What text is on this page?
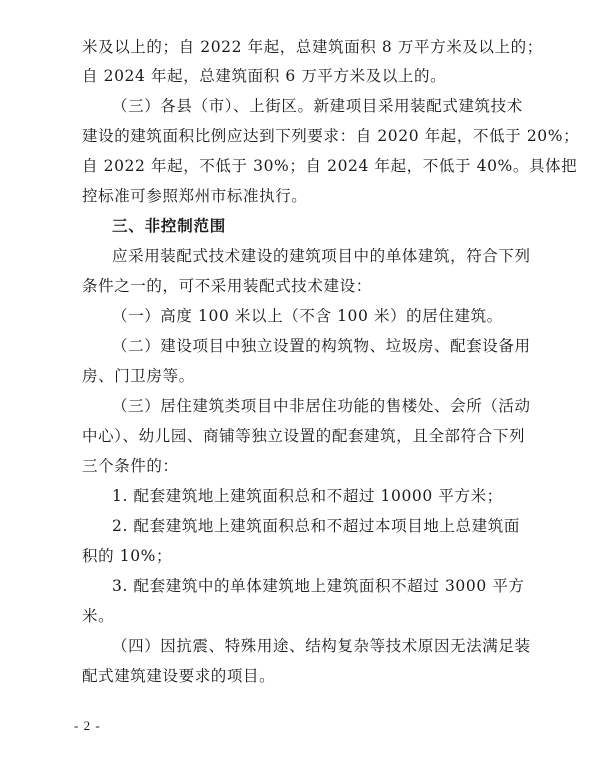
米及以上的；自 2022 年起，总建筑面积 8 万平方米及以上的；
自 2024 年起，总建筑面积 6 万平方米及以上的。
（三）各县（市）、上街区。新建项目采用装配式建筑技术
建设的建筑面积比例应达到下列要求：自 2020 年起，不低于 20%；
自 2022 年起，不低于 30%；自 2024 年起，不低于 40%。具体把
控标准可参照郑州市标准执行。
三、非控制范围
应采用装配式技术建设的建筑项目中的单体建筑，符合下列
条件之一的，可不采用装配式技术建设：
（一）高度 100 米以上（不含 100 米）的居住建筑。
（二）建设项目中独立设置的构筑物、垃圾房、配套设备用
房、门卫房等。
（三）居住建筑类项目中非居住功能的售楼处、会所（活动
中心）、幼儿园、商铺等独立设置的配套建筑，且全部符合下列
三个条件的：
1. 配套建筑地上建筑面积总和不超过 10000 平方米；
2. 配套建筑地上建筑面积总和不超过本项目地上总建筑面
积的 10%；
3. 配套建筑中的单体建筑地上建筑面积不超过 3000 平方
米。
（四）因抗震、特殊用途、结构复杂等技术原因无法满足装
配式建筑建设要求的项目。
- 2 -
